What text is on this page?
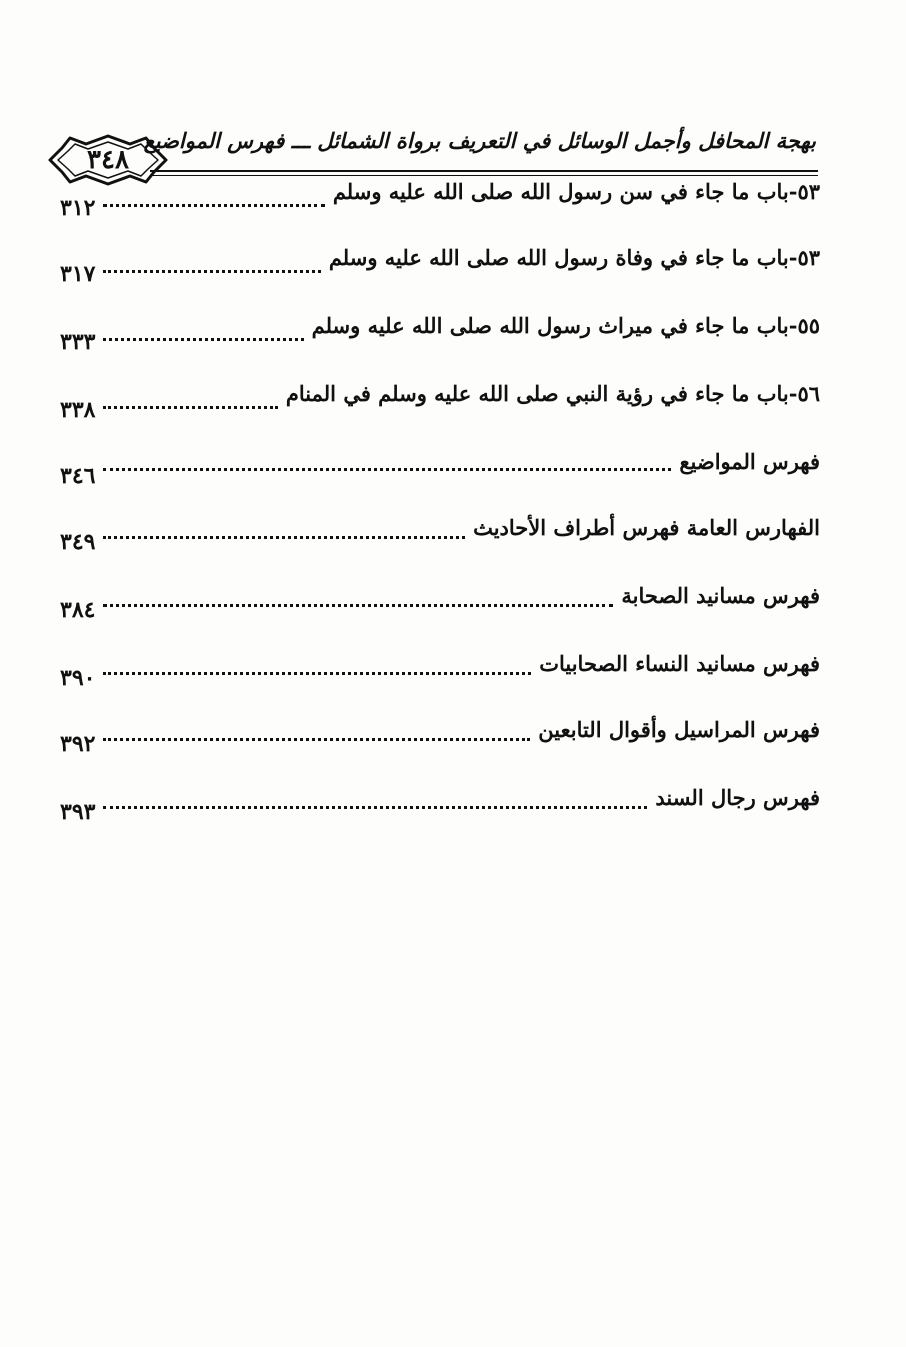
بهجة المحافل وأجمل الوسائل في التعريف برواة الشمائل ـــ فهرس المواضيع
٣٤٨
٥٣-باب ما جاء في سن رسول الله صلى الله عليه وسلم
٣١٢
٥٣-باب ما جاء في وفاة رسول الله صلى الله عليه وسلم
٣١٧
٥٥-باب ما جاء في ميراث رسول الله صلى الله عليه وسلم
٣٣٣
٥٦-باب ما جاء في رؤية النبي صلى الله عليه وسلم في المنام
٣٣٨
فهرس المواضيع
٣٤٦
الفهارس العامة فهرس أطراف الأحاديث
٣٤٩
فهرس مسانيد الصحابة
٣٨٤
فهرس مسانيد النساء الصحابيات
٣٩٠
فهرس المراسيل وأقوال التابعين
٣٩٢
فهرس رجال السند
٣٩٣
